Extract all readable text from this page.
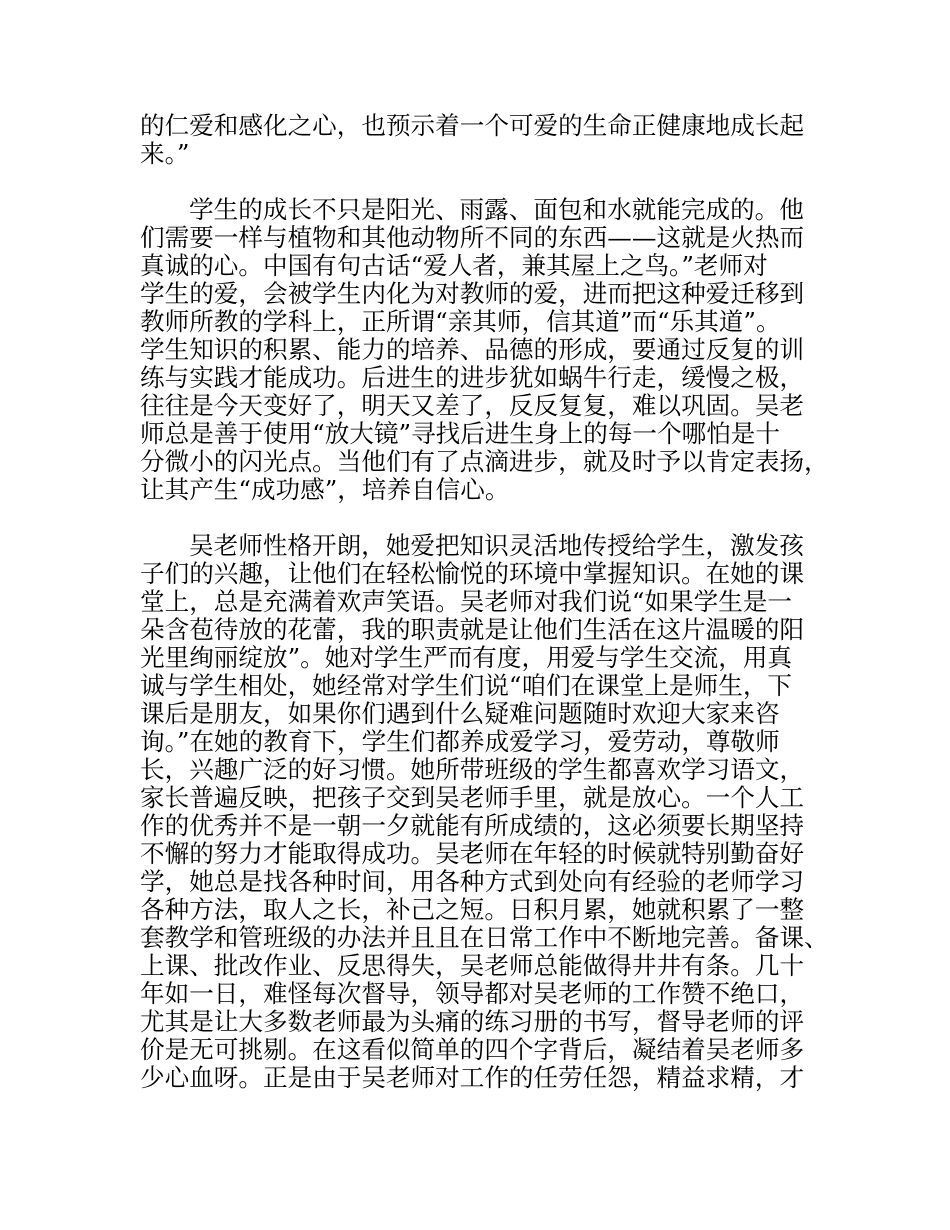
的仁爱和感化之心，也预示着一个可爱的生命正健康地成长起
来。”
学生的成长不只是阳光、雨露、面包和水就能完成的。他
们需要一样与植物和其他动物所不同的东西——这就是火热而
真诚的心。中国有句古话“爱人者，兼其屋上之鸟。”老师对
学生的爱，会被学生内化为对教师的爱，进而把这种爱迁移到
教师所教的学科上，正所谓“亲其师，信其道”而“乐其道”。
学生知识的积累、能力的培养、品德的形成，要通过反复的训
练与实践才能成功。后进生的进步犹如蜗牛行走，缓慢之极，
往往是今天变好了，明天又差了，反反复复，难以巩固。吴老
师总是善于使用“放大镜”寻找后进生身上的每一个哪怕是十
分微小的闪光点。当他们有了点滴进步，就及时予以肯定表扬，
让其产生“成功感”，培养自信心。
吴老师性格开朗，她爱把知识灵活地传授给学生，激发孩
子们的兴趣，让他们在轻松愉悦的环境中掌握知识。在她的课
堂上，总是充满着欢声笑语。吴老师对我们说“如果学生是一
朵含苞待放的花蕾，我的职责就是让他们生活在这片温暖的阳
光里绚丽绽放”。她对学生严而有度，用爱与学生交流，用真
诚与学生相处，她经常对学生们说“咱们在课堂上是师生，下
课后是朋友，如果你们遇到什么疑难问题随时欢迎大家来咨
询。”在她的教育下，学生们都养成爱学习，爱劳动，尊敬师
长，兴趣广泛的好习惯。她所带班级的学生都喜欢学习语文，
家长普遍反映，把孩子交到吴老师手里，就是放心。一个人工
作的优秀并不是一朝一夕就能有所成绩的，这必须要长期坚持
不懈的努力才能取得成功。吴老师在年轻的时候就特别勤奋好
学，她总是找各种时间，用各种方式到处向有经验的老师学习
各种方法，取人之长，补己之短。日积月累，她就积累了一整
套教学和管班级的办法并且且在日常工作中不断地完善。备课、
上课、批改作业、反思得失，吴老师总能做得井井有条。几十
年如一日，难怪每次督导，领导都对吴老师的工作赞不绝口，
尤其是让大多数老师最为头痛的练习册的书写，督导老师的评
价是无可挑剔。在这看似简单的四个字背后，凝结着吴老师多
少心血呀。正是由于吴老师对工作的任劳任怨，精益求精，才
